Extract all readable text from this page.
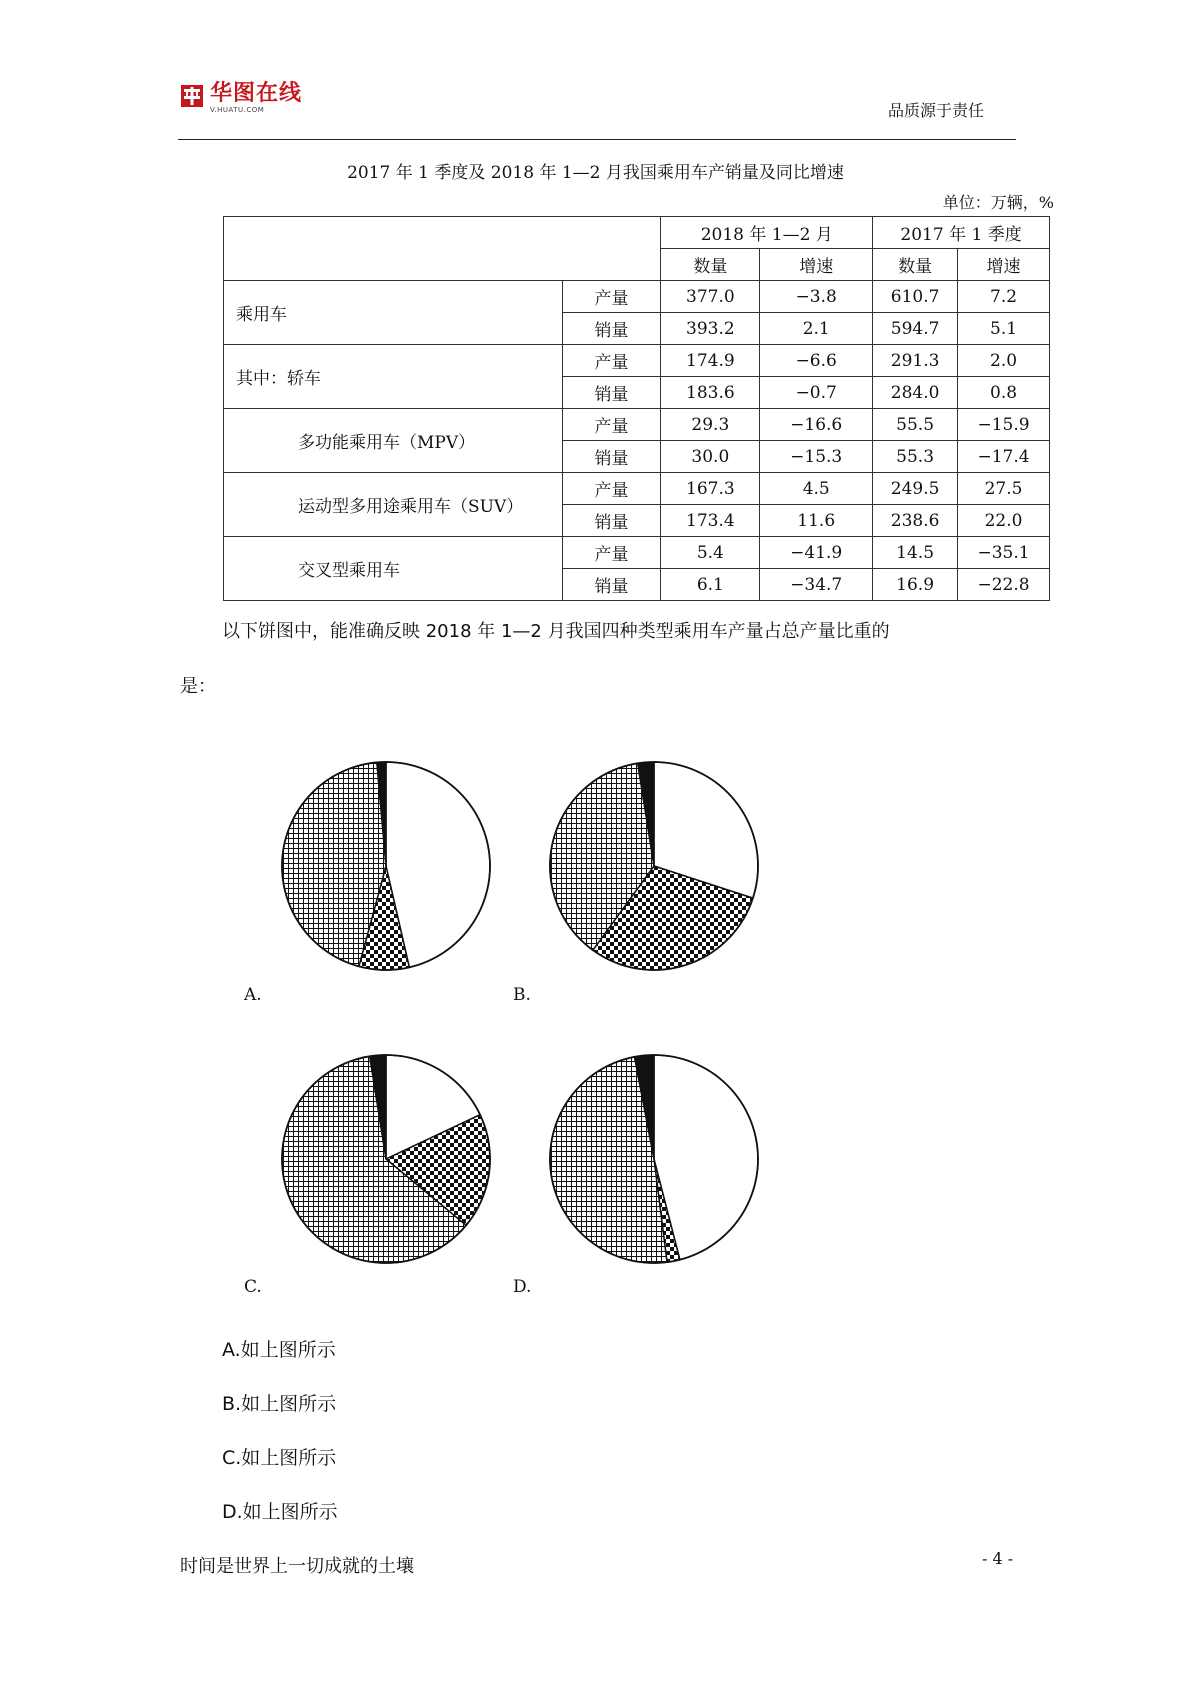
华图在线
V.HUATU.COM	品质源于责任
2017 年 1 季度及 2018 年 1—2 月我国乘用车产销量及同比增速
单位：万辆，%
		2018 年 1—2 月		2017 年 1 季度	
		数量	增速	数量	增速
乘用车	产量	377.0	−3.8	610.7	7.2
	销量	393.2	2.1	594.7	5.1
其中：轿车	产量	174.9	−6.6	291.3	2.0
	销量	183.6	−0.7	284.0	0.8
多功能乘用车（MPV）	产量	29.3	−16.6	55.5	−15.9
	销量	30.0	−15.3	55.3	−17.4
运动型多用途乘用车（SUV）	产量	167.3	4.5	249.5	27.5
	销量	173.4	11.6	238.6	22.0
交叉型乘用车	产量	5.4	−41.9	14.5	−35.1
	销量	6.1	−34.7	16.9	−22.8
以下饼图中，能准确反映 2018 年 1—2 月我国四种类型乘用车产量占总产量比重的
是：
A.	B.
C.	D.
A.如上图所示
B.如上图所示
C.如上图所示
D.如上图所示
时间是世界上一切成就的土壤	- 4 -
